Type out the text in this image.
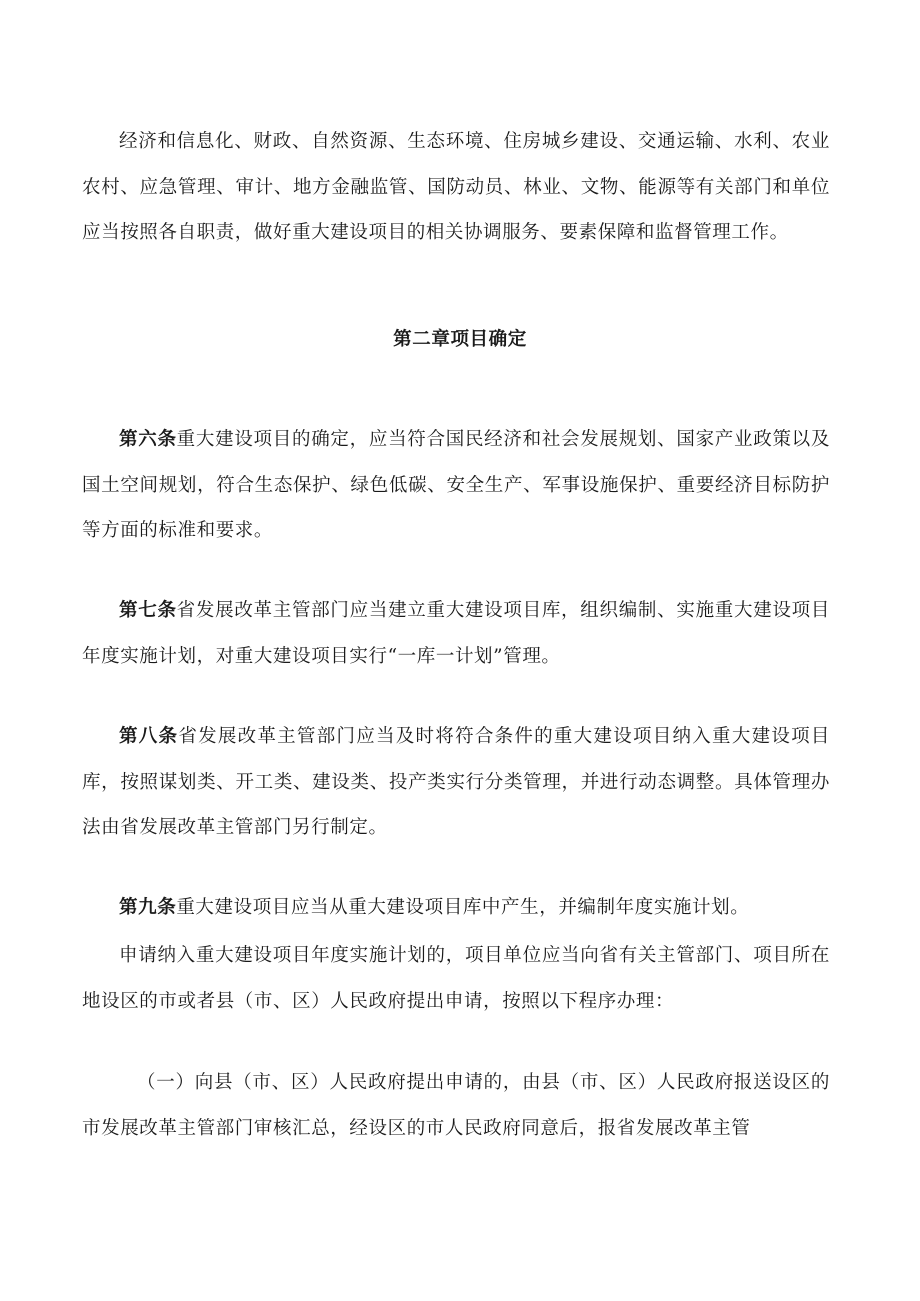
经济和信息化、财政、自然资源、生态环境、住房城乡建设、交通运输、水利、农业农村、应急管理、审计、地方金融监管、国防动员、林业、文物、能源等有关部门和单位应当按照各自职责，做好重大建设项目的相关协调服务、要素保障和监督管理工作。

第二章项目确定

第六条重大建设项目的确定，应当符合国民经济和社会发展规划、国家产业政策以及国土空间规划，符合生态保护、绿色低碳、安全生产、军事设施保护、重要经济目标防护等方面的标准和要求。

第七条省发展改革主管部门应当建立重大建设项目库，组织编制、实施重大建设项目年度实施计划，对重大建设项目实行“一库一计划”管理。

第八条省发展改革主管部门应当及时将符合条件的重大建设项目纳入重大建设项目库，按照谋划类、开工类、建设类、投产类实行分类管理，并进行动态调整。具体管理办法由省发展改革主管部门另行制定。

第九条重大建设项目应当从重大建设项目库中产生，并编制年度实施计划。

申请纳入重大建设项目年度实施计划的，项目单位应当向省有关主管部门、项目所在地设区的市或者县（市、区）人民政府提出申请，按照以下程序办理：

（一）向县（市、区）人民政府提出申请的，由县（市、区）人民政府报送设区的市发展改革主管部门审核汇总，经设区的市人民政府同意后，报省发展改革主管
